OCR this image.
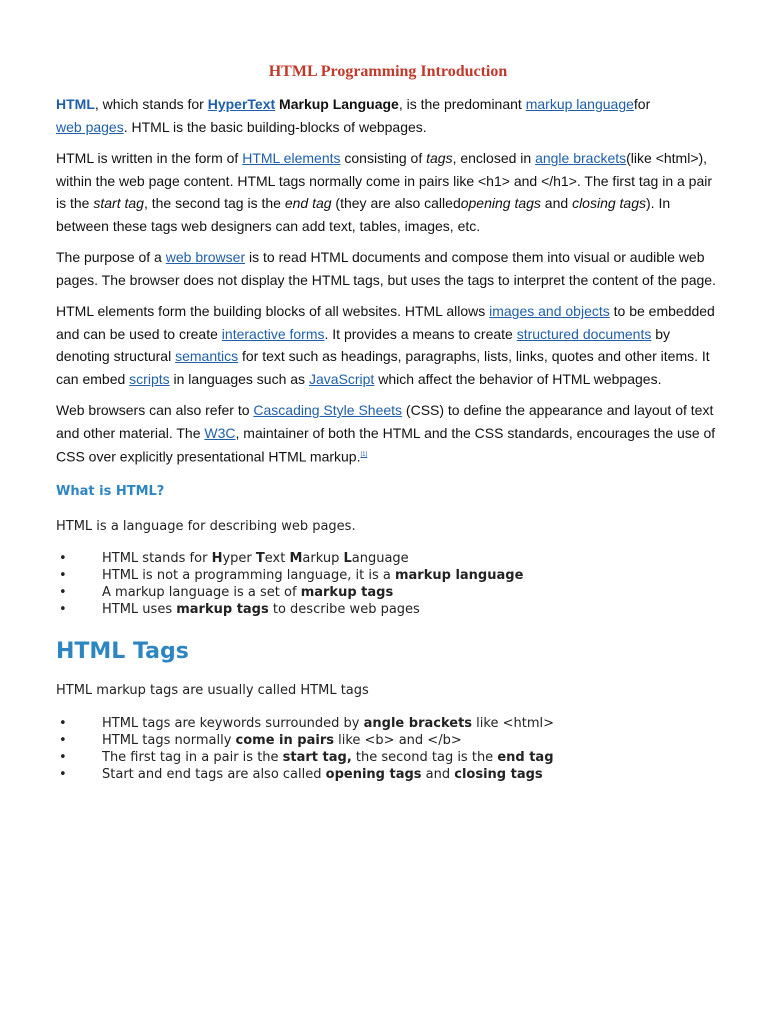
HTML Programming Introduction

HTML, which stands for HyperText Markup Language, is the predominant markup languagefor
web pages. HTML is the basic building-blocks of webpages.

HTML is written in the form of HTML elements consisting of tags, enclosed in angle brackets(like <html>), within the web page content. HTML tags normally come in pairs like <h1> and </h1>. The first tag in a pair is the start tag, the second tag is the end tag (they are also calledopening tags and closing tags). In between these tags web designers can add text, tables, images, etc.

The purpose of a web browser is to read HTML documents and compose them into visual or audible web pages. The browser does not display the HTML tags, but uses the tags to interpret the content of the page.

HTML elements form the building blocks of all websites. HTML allows images and objects to be embedded and can be used to create interactive forms. It provides a means to create structured documents by denoting structural semantics for text such as headings, paragraphs, lists, links, quotes and other items. It can embed scripts in languages such as JavaScript which affect the behavior of HTML webpages.

Web browsers can also refer to Cascading Style Sheets (CSS) to define the appearance and layout of text and other material. The W3C, maintainer of both the HTML and the CSS standards, encourages the use of CSS over explicitly presentational HTML markup.[1]

What is HTML?

HTML is a language for describing web pages.

• HTML stands for Hyper Text Markup Language
• HTML is not a programming language, it is a markup language
• A markup language is a set of markup tags
• HTML uses markup tags to describe web pages
HTML Tags

HTML markup tags are usually called HTML tags

• HTML tags are keywords surrounded by angle brackets like <html>
• HTML tags normally come in pairs like <b> and </b>
• The first tag in a pair is the start tag, the second tag is the end tag
• Start and end tags are also called opening tags and closing tags
